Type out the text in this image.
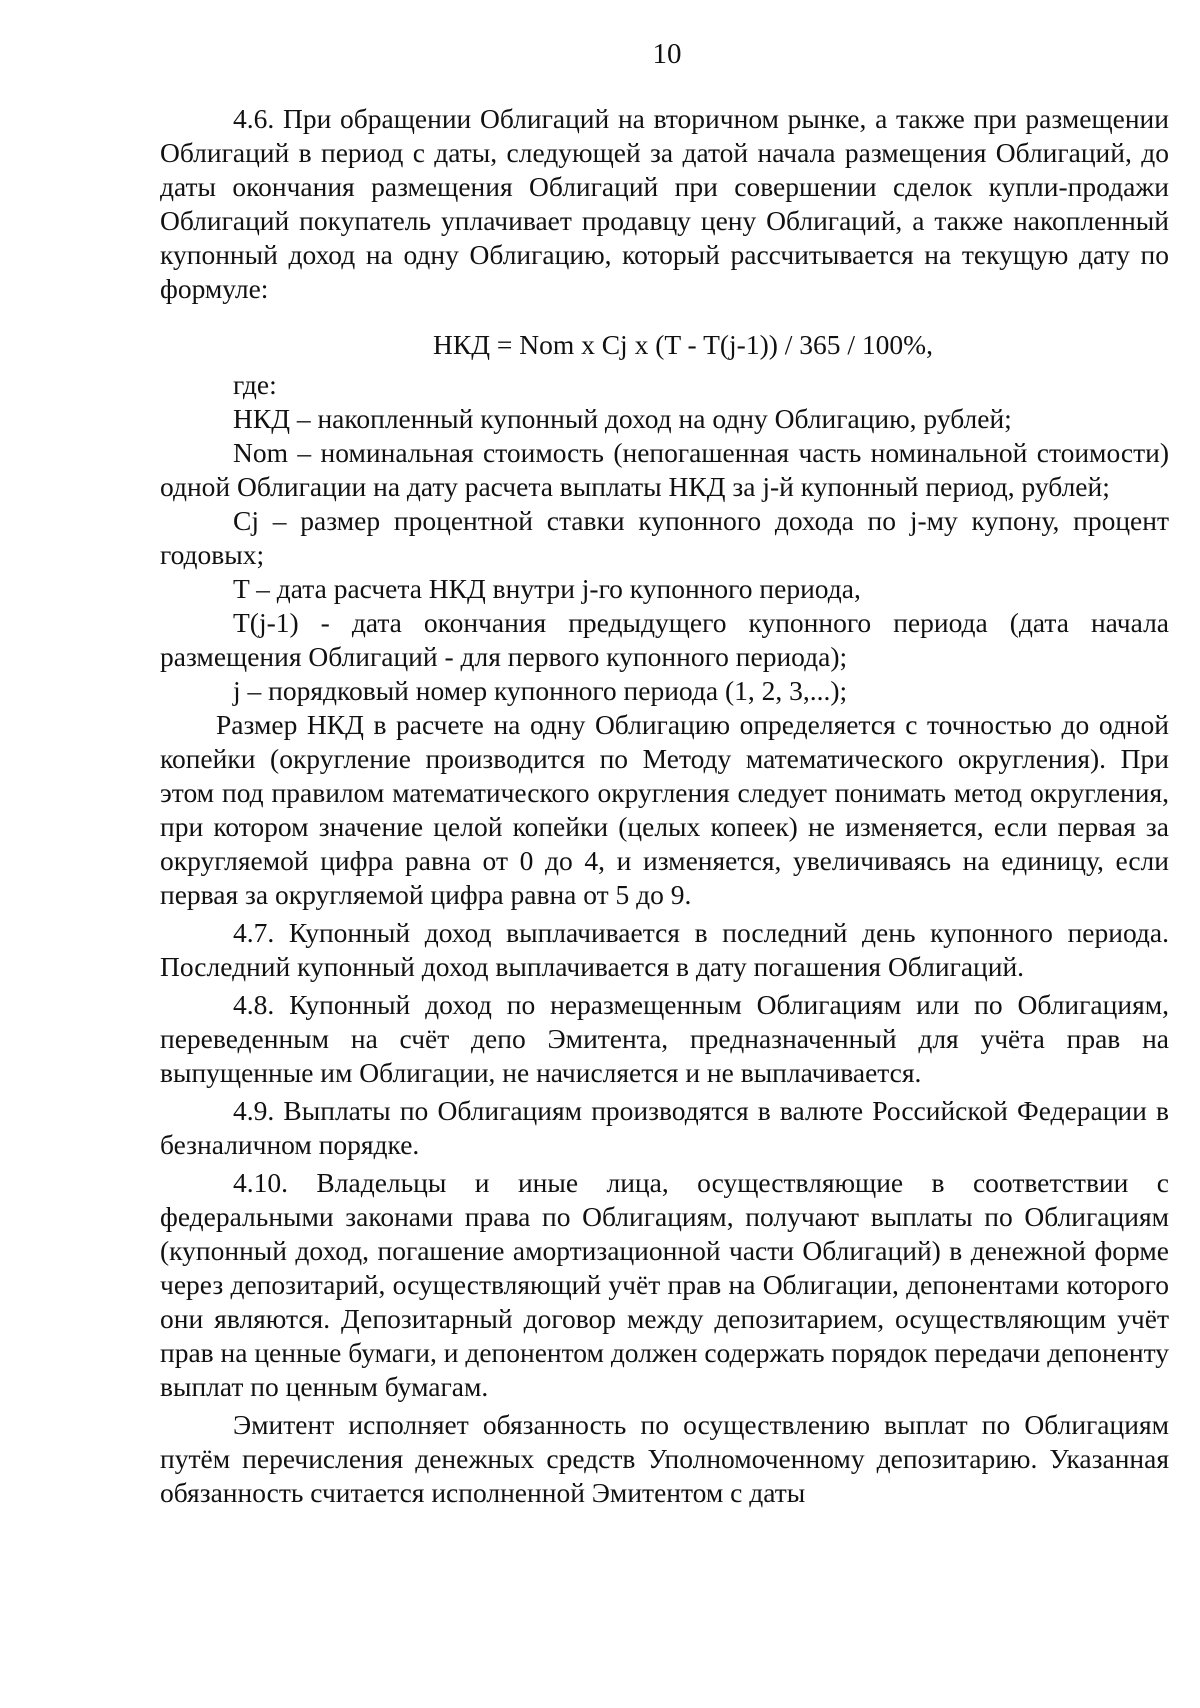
10

4.6. При обращении Облигаций на вторичном рынке, а также при размещении Облигаций в период с даты, следующей за датой начала размещения Облигаций, до даты окончания размещения Облигаций при совершении сделок купли-продажи Облигаций покупатель уплачивает продавцу цену Облигаций, а также накопленный купонный доход на одну Облигацию, который рассчитывается на текущую дату по формуле:

НКД = Nom x Cj x (T - T(j-1)) / 365 / 100%,

где:

НКД – накопленный купонный доход на одну Облигацию, рублей;

Nom – номинальная стоимость (непогашенная часть номинальной стоимости) одной Облигации на дату расчета выплаты НКД за j-й купонный период, рублей;

Cj – размер процентной ставки купонного дохода по j-му купону, процент годовых;

T – дата расчета НКД внутри j-го купонного периода,

T(j-1) - дата окончания предыдущего купонного периода (дата начала размещения Облигаций - для первого купонного периода);

j – порядковый номер купонного периода (1, 2, 3,...);

Размер НКД в расчете на одну Облигацию определяется с точностью до одной копейки (округление производится по Методу математического округления). При этом под правилом математического округления следует понимать метод округления, при котором значение целой копейки (целых копеек) не изменяется, если первая за округляемой цифра равна от 0 до 4, и изменяется, увеличиваясь на единицу, если первая за округляемой цифра равна от 5 до 9.

4.7. Купонный доход выплачивается в последний день купонного периода. Последний купонный доход выплачивается в дату погашения Облигаций.

4.8. Купонный доход по неразмещенным Облигациям или по Облигациям, переведенным на счёт депо Эмитента, предназначенный для учёта прав на выпущенные им Облигации, не начисляется и не выплачивается.

4.9. Выплаты по Облигациям производятся в валюте Российской Федерации в безналичном порядке.

4.10. Владельцы и иные лица, осуществляющие в соответствии с федеральными законами права по Облигациям, получают выплаты по Облигациям (купонный доход, погашение амортизационной части Облигаций) в денежной форме через депозитарий, осуществляющий учёт прав на Облигации, депонентами которого они являются. Депозитарный договор между депозитарием, осуществляющим учёт прав на ценные бумаги, и депонентом должен содержать порядок передачи депоненту выплат по ценным бумагам.

Эмитент исполняет обязанность по осуществлению выплат по Облигациям путём перечисления денежных средств Уполномоченному депозитарию. Указанная обязанность считается исполненной Эмитентом с даты
